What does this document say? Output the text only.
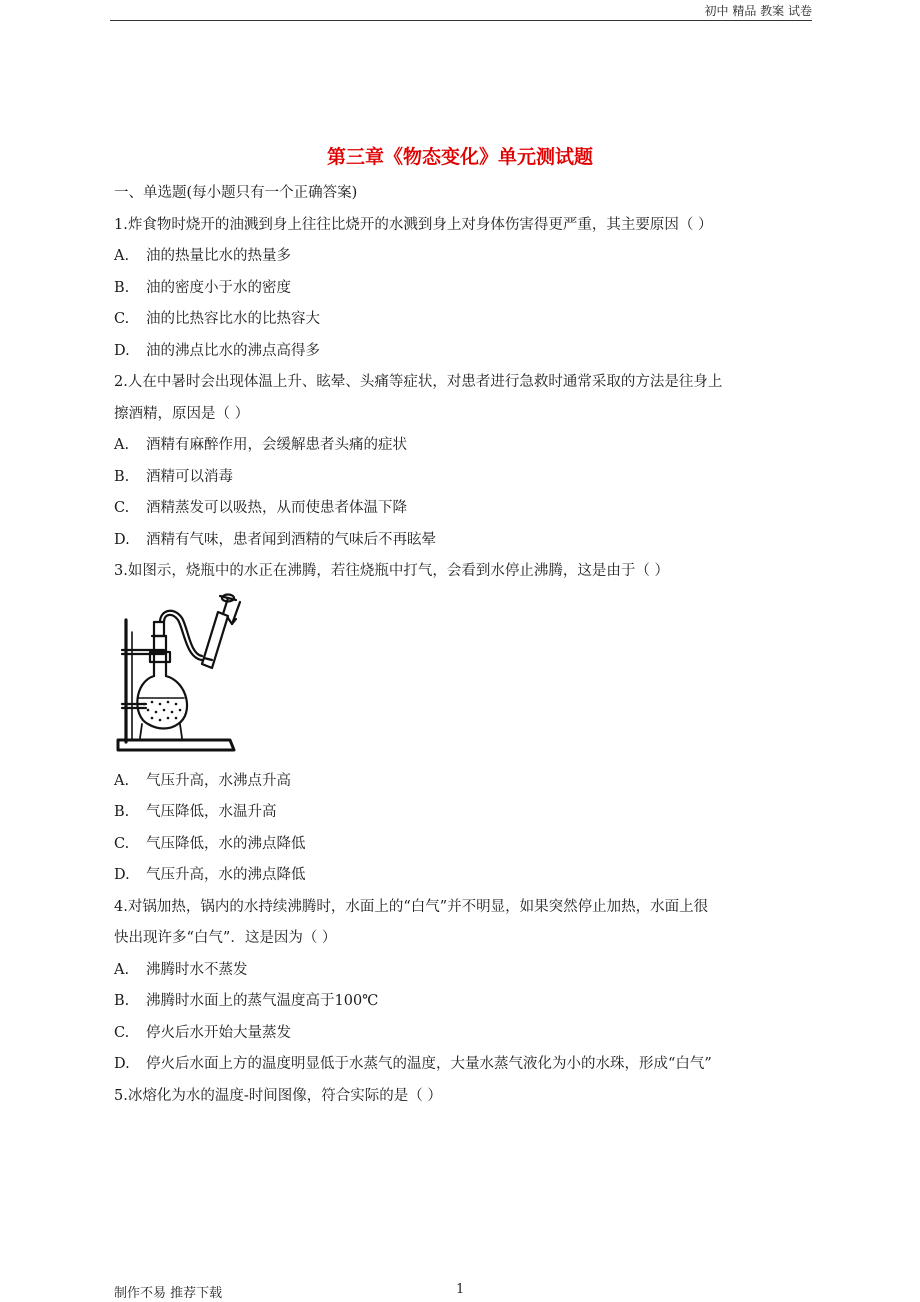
初中 精品 教案 试卷
第三章《物态变化》单元测试题
一、单选题(每小题只有一个正确答案)
1.炸食物时烧开的油溅到身上往往比烧开的水溅到身上对身体伤害得更严重，其主要原因（ ）
A. 油的热量比水的热量多
B. 油的密度小于水的密度
C. 油的比热容比水的比热容大
D. 油的沸点比水的沸点高得多
2.人在中暑时会出现体温上升、眩晕、头痛等症状，对患者进行急救时通常采取的方法是往身上
擦酒精，原因是（ ）
A. 酒精有麻醉作用，会缓解患者头痛的症状
B. 酒精可以消毒
C. 酒精蒸发可以吸热，从而使患者体温下降
D. 酒精有气味，患者闻到酒精的气味后不再眩晕
3.如图示，烧瓶中的水正在沸腾，若往烧瓶中打气，会看到水停止沸腾，这是由于（ ）
A. 气压升高，水沸点升高
B. 气压降低，水温升高
C. 气压降低，水的沸点降低
D. 气压升高，水的沸点降低
4.对锅加热，锅内的水持续沸腾时，水面上的“白气”并不明显，如果突然停止加热，水面上很
快出现许多“白气”．这是因为（ ）
A. 沸腾时水不蒸发
B. 沸腾时水面上的蒸气温度高于100℃
C. 停火后水开始大量蒸发
D. 停火后水面上方的温度明显低于水蒸气的温度，大量水蒸气液化为小的水珠，形成“白气”
5.冰熔化为水的温度-时间图像，符合实际的是（ ）
制作不易 推荐下载	1
